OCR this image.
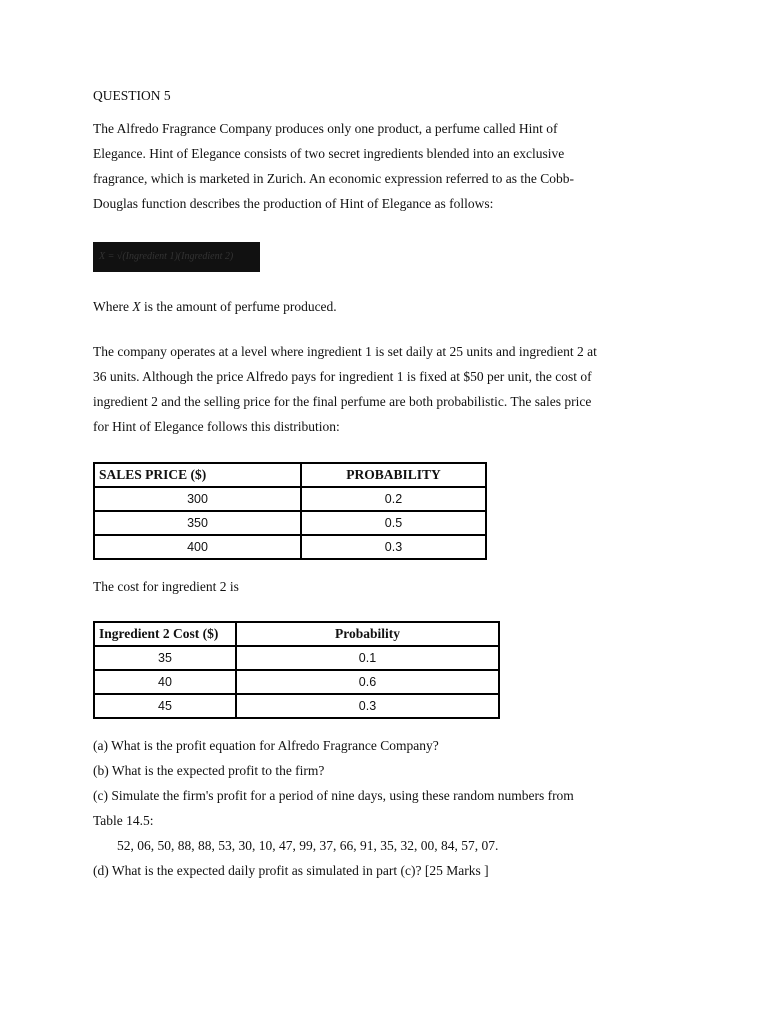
QUESTION 5

The Alfredo Fragrance Company produces only one product, a perfume called Hint of
Elegance. Hint of Elegance consists of two secret ingredients blended into an exclusive
fragrance, which is marketed in Zurich. An economic expression referred to as the Cobb-
Douglas function describes the production of Hint of Elegance as follows:

X = √(Ingredient 1)(Ingredient 2)

Where X is the amount of perfume produced.

The company operates at a level where ingredient 1 is set daily at 25 units and ingredient 2 at
36 units. Although the price Alfredo pays for ingredient 1 is fixed at $50 per unit, the cost of
ingredient 2 and the selling price for the final perfume are both probabilistic. The sales price
for Hint of Elegance follows this distribution:

SALES PRICE ($)	PROBABILITY
300	0.2
350	0.5
400	0.3

The cost for ingredient 2 is

Ingredient 2 Cost ($)	Probability
35	0.1
40	0.6
45	0.3

(a) What is the profit equation for Alfredo Fragrance Company?

(b) What is the expected profit to the firm?

(c) Simulate the firm's profit for a period of nine days, using these random numbers from
Table 14.5:

52, 06, 50, 88, 88, 53, 30, 10, 47, 99, 37, 66, 91, 35, 32, 00, 84, 57, 07.

(d) What is the expected daily profit as simulated in part (c)? [25 Marks ]
